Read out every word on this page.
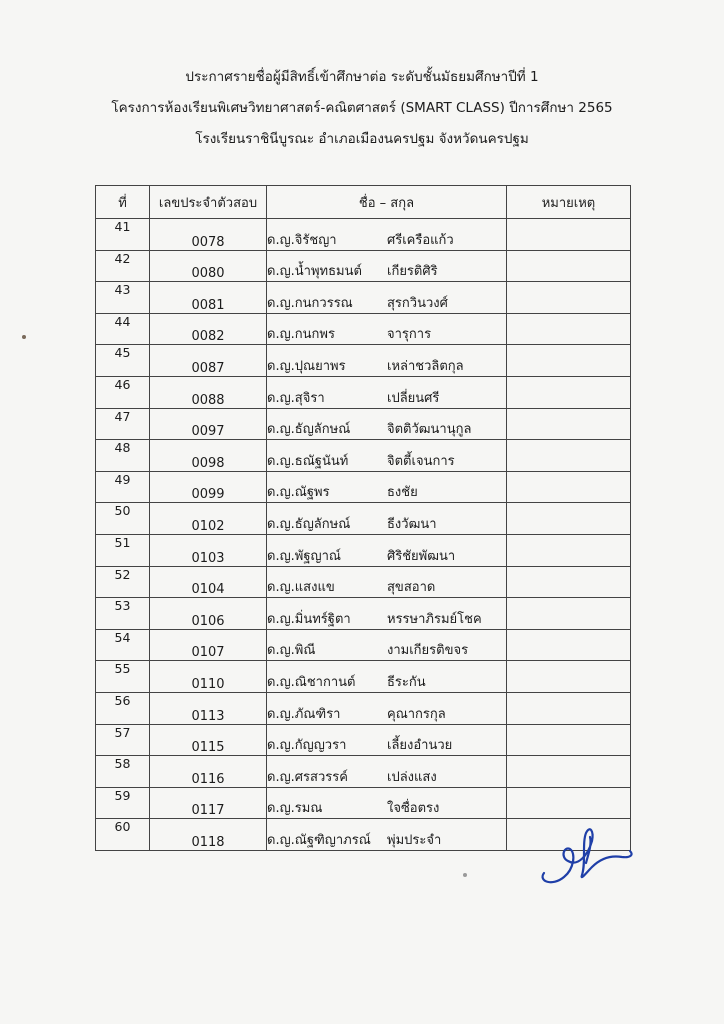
ประกาศรายชื่อผู้มีสิทธิ์เข้าศึกษาต่อ ระดับชั้นมัธยมศึกษาปีที่ 1
โครงการห้องเรียนพิเศษวิทยาศาสตร์-คณิตศาสตร์ (SMART CLASS) ปีการศึกษา 2565
โรงเรียนราชินีบูรณะ อำเภอเมืองนครปฐม จังหวัดนครปฐม
ที่	เลขประจำตัวสอบ	ชื่อ – สกุล	หมายเหตุ
41	0078	ด.ญ.จิรัชญา ศรีเครือแก้ว	
42	0080	ด.ญ.น้ำพุทธมนต์ เกียรติศิริ	
43	0081	ด.ญ.กนกวรรณ สุรกวินวงศ์	
44	0082	ด.ญ.กนกพร จารุการ	
45	0087	ด.ญ.ปุณยาพร เหล่าชวลิตกุล	
46	0088	ด.ญ.สุจิรา เปลี่ยนศรี	
47	0097	ด.ญ.ธัญลักษณ์ จิตติวัฒนานุกูล	
48	0098	ด.ญ.ธณัฐนันท์ จิตตี้เจนการ	
49	0099	ด.ญ.ณัฐพร ธงชัย	
50	0102	ด.ญ.ธัญลักษณ์ ธีงวัฒนา	
51	0103	ด.ญ.พัฐญาณ์ ศิริชัยพัฒนา	
52	0104	ด.ญ.แสงแข สุขสอาด	
53	0106	ด.ญ.มิ่นทร์ฐิตา หรรษาภิรมย์โชค	
54	0107	ด.ญ.พิณี งามเกียรติขจร	
55	0110	ด.ญ.ณิชากานต์ ธีระกัน	
56	0113	ด.ญ.ภัณฑิรา คุณากรกุล	
57	0115	ด.ญ.กัญญวรา เลี้ยงอำนวย	
58	0116	ด.ญ.ศรสวรรค์ เปล่งแสง	
59	0117	ด.ญ.รมณ ใจซื่อตรง	
60	0118	ด.ญ.ณัฐฑิญาภรณ์ พุ่มประจำ	
